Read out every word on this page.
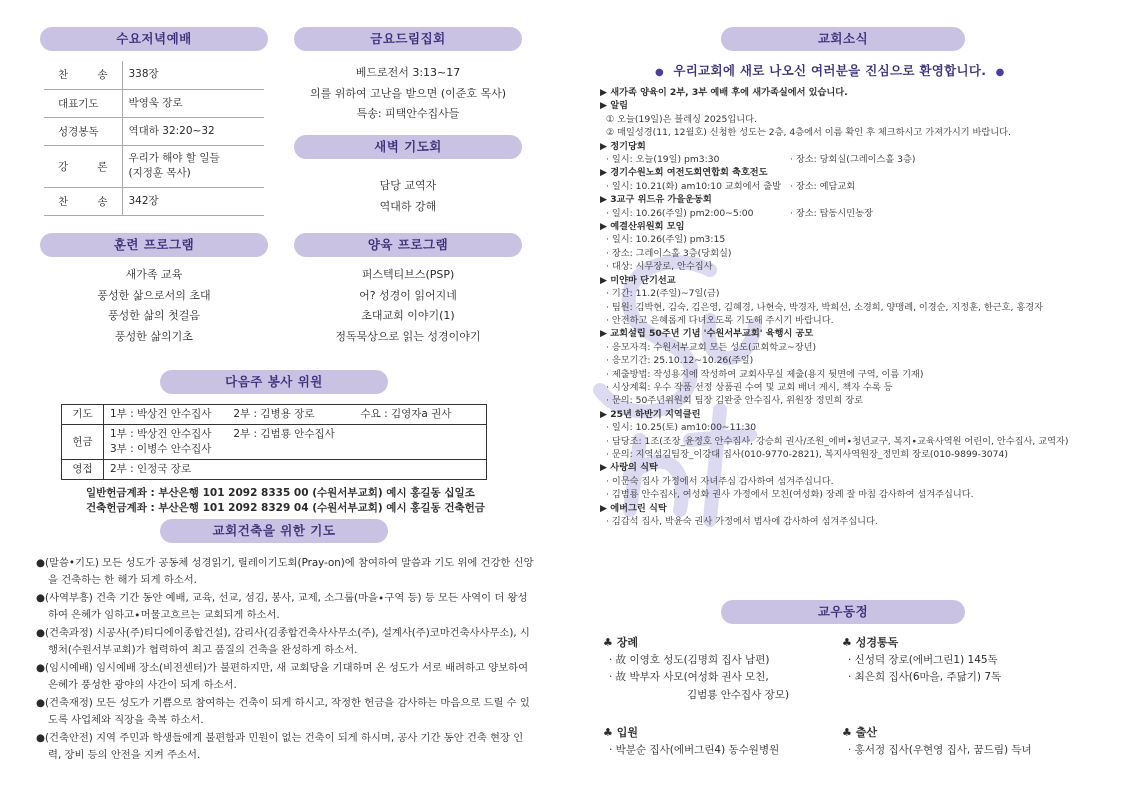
수요저녁예배
찬 송	338장
대표기도	박영욱 장로
성경봉독	역대하 32:20~32
강 론	우리가 해야 할 일들
(지정훈 목사)

찬 송	342장
금요드림집회
베드로전서 3:13~17
의를 위하여 고난을 받으면 (이준호 목사)
특송: 피택안수집사들
새벽 기도회
담당 교역자
역대하 강해
훈련 프로그램
새가족 교육
풍성한 삶으로서의 초대
풍성한 삶의 첫걸음
풍성한 삶의기초
양육 프로그램
퍼스텍티브스(PSP)
어? 성경이 읽어지네
초대교회 이야기(1)
정독묵상으로 읽는 성경이야기
다음주 봉사 위원
기도	1부 : 박상건 안수집사 2부 : 김병용 장로 수요 : 김영자a 권사
헌금	1부 : 박상건 안수집사 2부 : 김범룡 안수집사
3부 : 이병수 안수집사

영접	2부 : 인정국 장로
일반헌금계좌 : 부산은행 101 2092 8335 00 (수원서부교회) 예시 홍길동 십일조
건축헌금계좌 : 부산은행 101 2092 8329 04 (수원서부교회) 예시 홍길동 건축헌금
교회건축을 위한 기도
●(말씀•기도) 모든 성도가 공동체 성경읽기, 릴레이기도회(Pray-on)에 참여하여 말씀과 기도 위에 건강한 신앙을 건축하는 한 해가 되게 하소서.
●(사역부흥) 건축 기간 동안 예배, 교육, 선교, 섬김, 봉사, 교제, 소그룹(마을∙구역 등) 등 모든 사역이 더 왕성하여 은혜가 임하고∙머물고흐르는 교회되게 하소서.
●(건축과정) 시공사(주)티디에이종합건설), 감리사(김종합건축사사무소(주), 설계사(주)코마건축사사무소), 시행처(수원서부교회)가 협력하여 최고 품질의 건축을 완성하게 하소서.
●(임시예배) 임시예배 장소(비전센터)가 불편하지만, 새 교회당을 기대하며 온 성도가 서로 배려하고 양보하여 은혜가 풍성한 광야의 사간이 되게 하소서.
●(건축재정) 모든 성도가 기쁨으로 참여하는 건축이 되게 하시고, 작정한 헌금을 감사하는 마음으로 드릴 수 있도록 사업체와 직장을 축복 하소서.
●(건축안전) 지역 주민과 학생들에게 불편함과 민원이 없는 건축이 되게 하시며, 공사 기간 동안 건축 현장 인력, 장비 등의 안전을 지켜 주소서.
교회소식
● 우리교회에 새로 나오신 여러분을 진심으로 환영합니다. ●
▶ 새가족 양육이 2부, 3부 예배 후에 새가족실에서 있습니다.
▶ 알림
① 오늘(19일)은 블레싱 2025입니다.
② 매일성경(11, 12월호) 신청한 성도는 2층, 4층에서 이름 확인 후 체크하시고 가져가시기 바랍니다.
▶ 정기당회
· 일시: 오늘(19일) pm3:30	· 장소: 당회실(그레이스홀 3층)
▶ 경기수원노회 여전도회연합회 축호전도
· 일시: 10.21(화) am10:10 교회에서 출발 · 장소: 예담교회
▶ 3교구 위드유 가을운동회
· 일시: 10.26(주일) pm2:00~5:00	· 장소: 탑동시민농장
▶ 예결산위원회 모임
· 일시: 10.26(주일) pm3:15
· 장소: 그레이스홀 3층(당회실)
· 대상: 시무장로, 안수집사
▶ 미얀마 단기선교
· 기간: 11.2(주일)~7일(금)
· 팀원: 김박현, 김숙, 김은영, 김혜경, 나현숙, 박경자, 박희선, 소경희, 양맹례, 이경순, 지정훈, 한근호, 홍경자
· 안전하고 은혜롭게 다녀오도록 기도해 주시기 바랍니다.
▶ 교회설립 50주년 기념 '수원서부교회' 육행시 공모
· 응모자격: 수원서부교회 모든 성도(교회학교~장년)
· 응모기간: 25.10.12~10.26(주일)
· 제출방법: 작성용지에 작성하여 교회사무실 제출(용지 뒷면에 구역, 이름 기재)
· 시상계획: 우수 작품 선정 상품권 수여 및 교회 배너 게시, 책자 수록 등
· 문의: 50주년위원회 팀장 김완중 안수집사, 위원장 정민희 장로
▶ 25년 하반기 지역클린
· 일시: 10.25(토) am10:00~11:30
· 담당조: 1조(조장_윤정호 안수집사, 강승희 권사/조원_에버∙청년교구, 복지∙교육사역원 어린이, 안수집사, 교역자)
· 문의: 지역섬김팀장_이강대 집사(010-9770-2821), 복지사역원장_정민희 장로(010-9899-3074)
▶ 사랑의 식탁
· 이문숙 집사 가정에서 자녀주심 감사하여 섬겨주십니다.
· 김범룡 안수집사, 여성화 권사 가정에서 모친(여성화) 장례 잘 마침 감사하여 섬겨주십니다.
▶ 에버그린 식탁
· 김갑석 집사, 박윤숙 권사 가정에서 범사에 감사하여 섬겨주십니다.
교우동정
♣ 장례
· 故 이영호 성도(김명희 집사 남편)
· 故 박부자 사모(여성화 권사 모친,
김범룡 안수집사 장모)
♣ 성경통독
· 신성덕 장로(에버그린1) 145독
· 최은희 집사(6마을, 주닮기) 7독
♣ 입원
· 박분순 집사(에버그린4) 동수원병원
♣ 출산
· 홍서정 집사(우현영 집사, 꿈드림) 득녀
